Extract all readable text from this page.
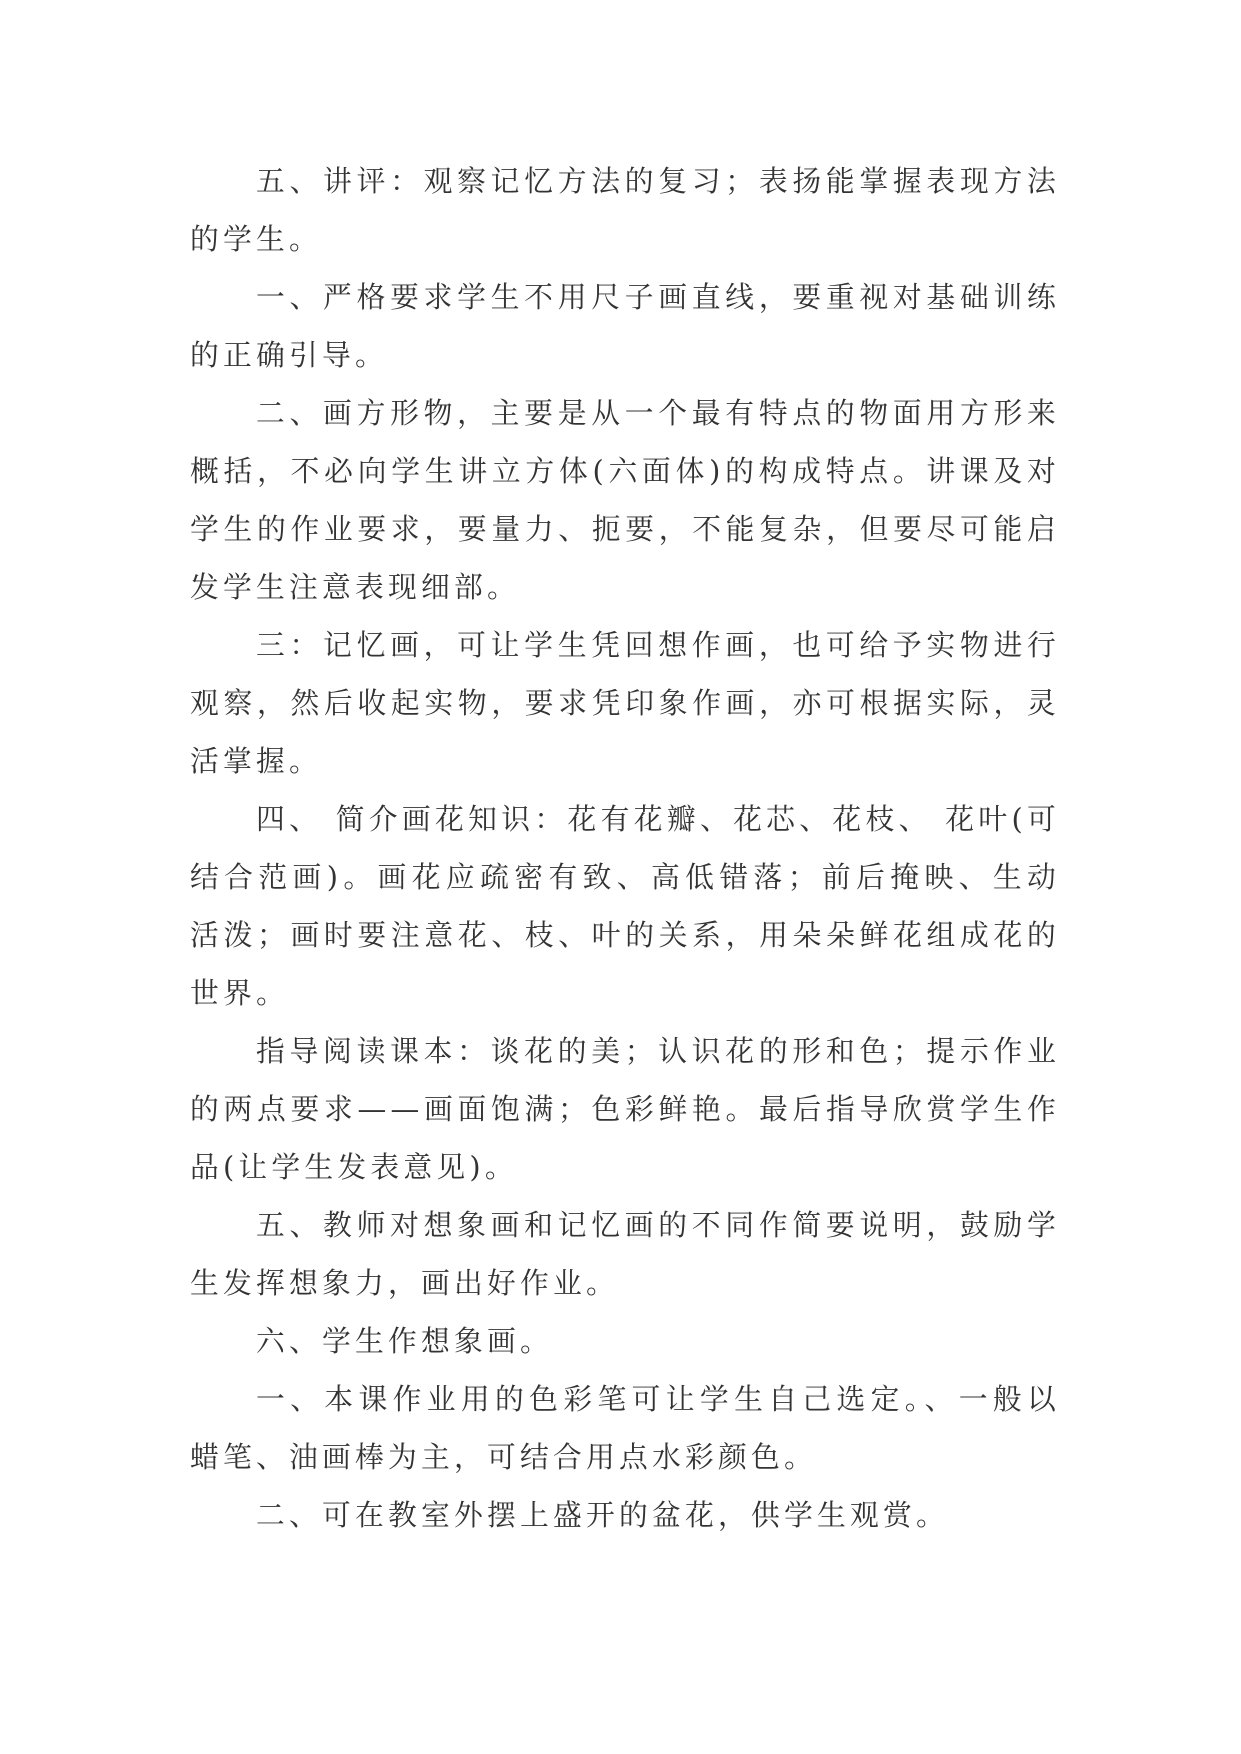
五、讲评：观察记忆方法的复习；表扬能掌握表现方法的学生。

一、严格要求学生不用尺子画直线，要重视对基础训练的正确引导。

二、画方形物，主要是从一个最有特点的物面用方形来概括，不必向学生讲立方体(六面体)的构成特点。讲课及对学生的作业要求，要量力、扼要，不能复杂，但要尽可能启发学生注意表现细部。

三：记忆画，可让学生凭回想作画，也可给予实物进行观察，然后收起实物，要求凭印象作画，亦可根据实际，灵活掌握。

四、 简介画花知识：花有花瓣、花芯、花枝、 花叶(可结合范画)。画花应疏密有致、高低错落；前后掩映、生动活泼；画时要注意花、枝、叶的关系，用朵朵鲜花组成花的世界。

指导阅读课本：谈花的美；认识花的形和色；提示作业的两点要求——画面饱满；色彩鲜艳。最后指导欣赏学生作品(让学生发表意见)。

五、教师对想象画和记忆画的不同作简要说明，鼓励学生发挥想象力，画出好作业。

六、学生作想象画。

一、本课作业用的色彩笔可让学生自己选定。、一般以蜡笔、油画棒为主，可结合用点水彩颜色。

二、可在教室外摆上盛开的盆花，供学生观赏。
